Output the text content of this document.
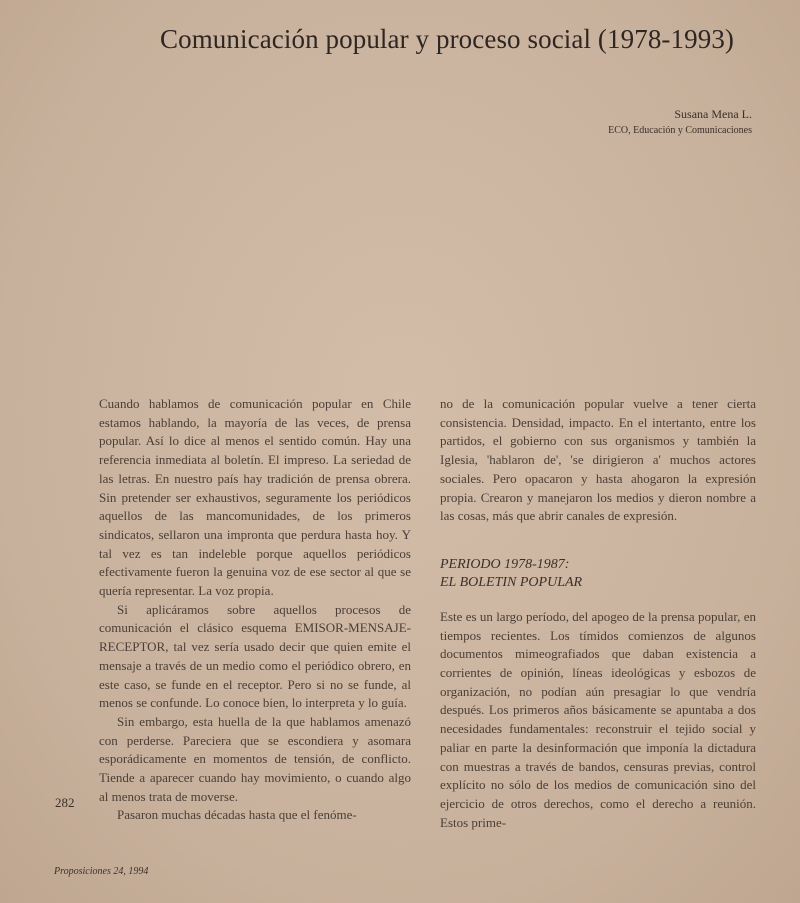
Comunicación popular y proceso social (1978-1993)
Susana Mena L.
ECO, Educación y Comunicaciones

Cuando hablamos de comunicación popular en Chile estamos hablando, la mayoría de las veces, de prensa popular. Así lo dice al menos el sentido común. Hay una referencia inmediata al boletín. El impreso. La seriedad de las letras. En nuestro país hay tradición de prensa obrera. Sin pretender ser exhaustivos, seguramente los periódicos aquellos de las mancomunidades, de los primeros sindicatos, sellaron una impronta que perdura hasta hoy. Y tal vez es tan indeleble porque aquellos periódicos efectivamente fueron la genuina voz de ese sector al que se quería representar. La voz propia.

Si aplicáramos sobre aquellos procesos de comunicación el clásico esquema EMISOR-MENSAJE-RECEPTOR, tal vez sería usado decir que quien emite el mensaje a través de un medio como el periódico obrero, en este caso, se funde en el receptor. Pero si no se funde, al menos se confunde. Lo conoce bien, lo interpreta y lo guía.

Sin embargo, esta huella de la que hablamos amenazó con perderse. Pareciera que se escondiera y asomara esporádicamente en momentos de tensión, de conflicto. Tiende a aparecer cuando hay movimiento, o cuando algo al menos trata de moverse.

Pasaron muchas décadas hasta que el fenóme-

no de la comunicación popular vuelve a tener cierta consistencia. Densidad, impacto. En el intertanto, entre los partidos, el gobierno con sus organismos y también la Iglesia, 'hablaron de', 'se dirigieron a' muchos actores sociales. Pero opacaron y hasta ahogaron la expresión propia. Crearon y manejaron los medios y dieron nombre a las cosas, más que abrir canales de expresión.

PERIODO 1978-1987:
EL BOLETIN POPULAR

Este es un largo período, del apogeo de la prensa popular, en tiempos recientes. Los tímidos comienzos de algunos documentos mimeografiados que daban existencia a corrientes de opinión, líneas ideológicas y esbozos de organización, no podían aún presagiar lo que vendría después. Los primeros años básicamente se apuntaba a dos necesidades fundamentales: reconstruir el tejido social y paliar en parte la desinformación que imponía la dictadura con muestras a través de bandos, censuras previas, control explícito no sólo de los medios de comunicación sino del ejercicio de otros derechos, como el derecho a reunión. Estos prime-

282
Proposiciones 24, 1994
